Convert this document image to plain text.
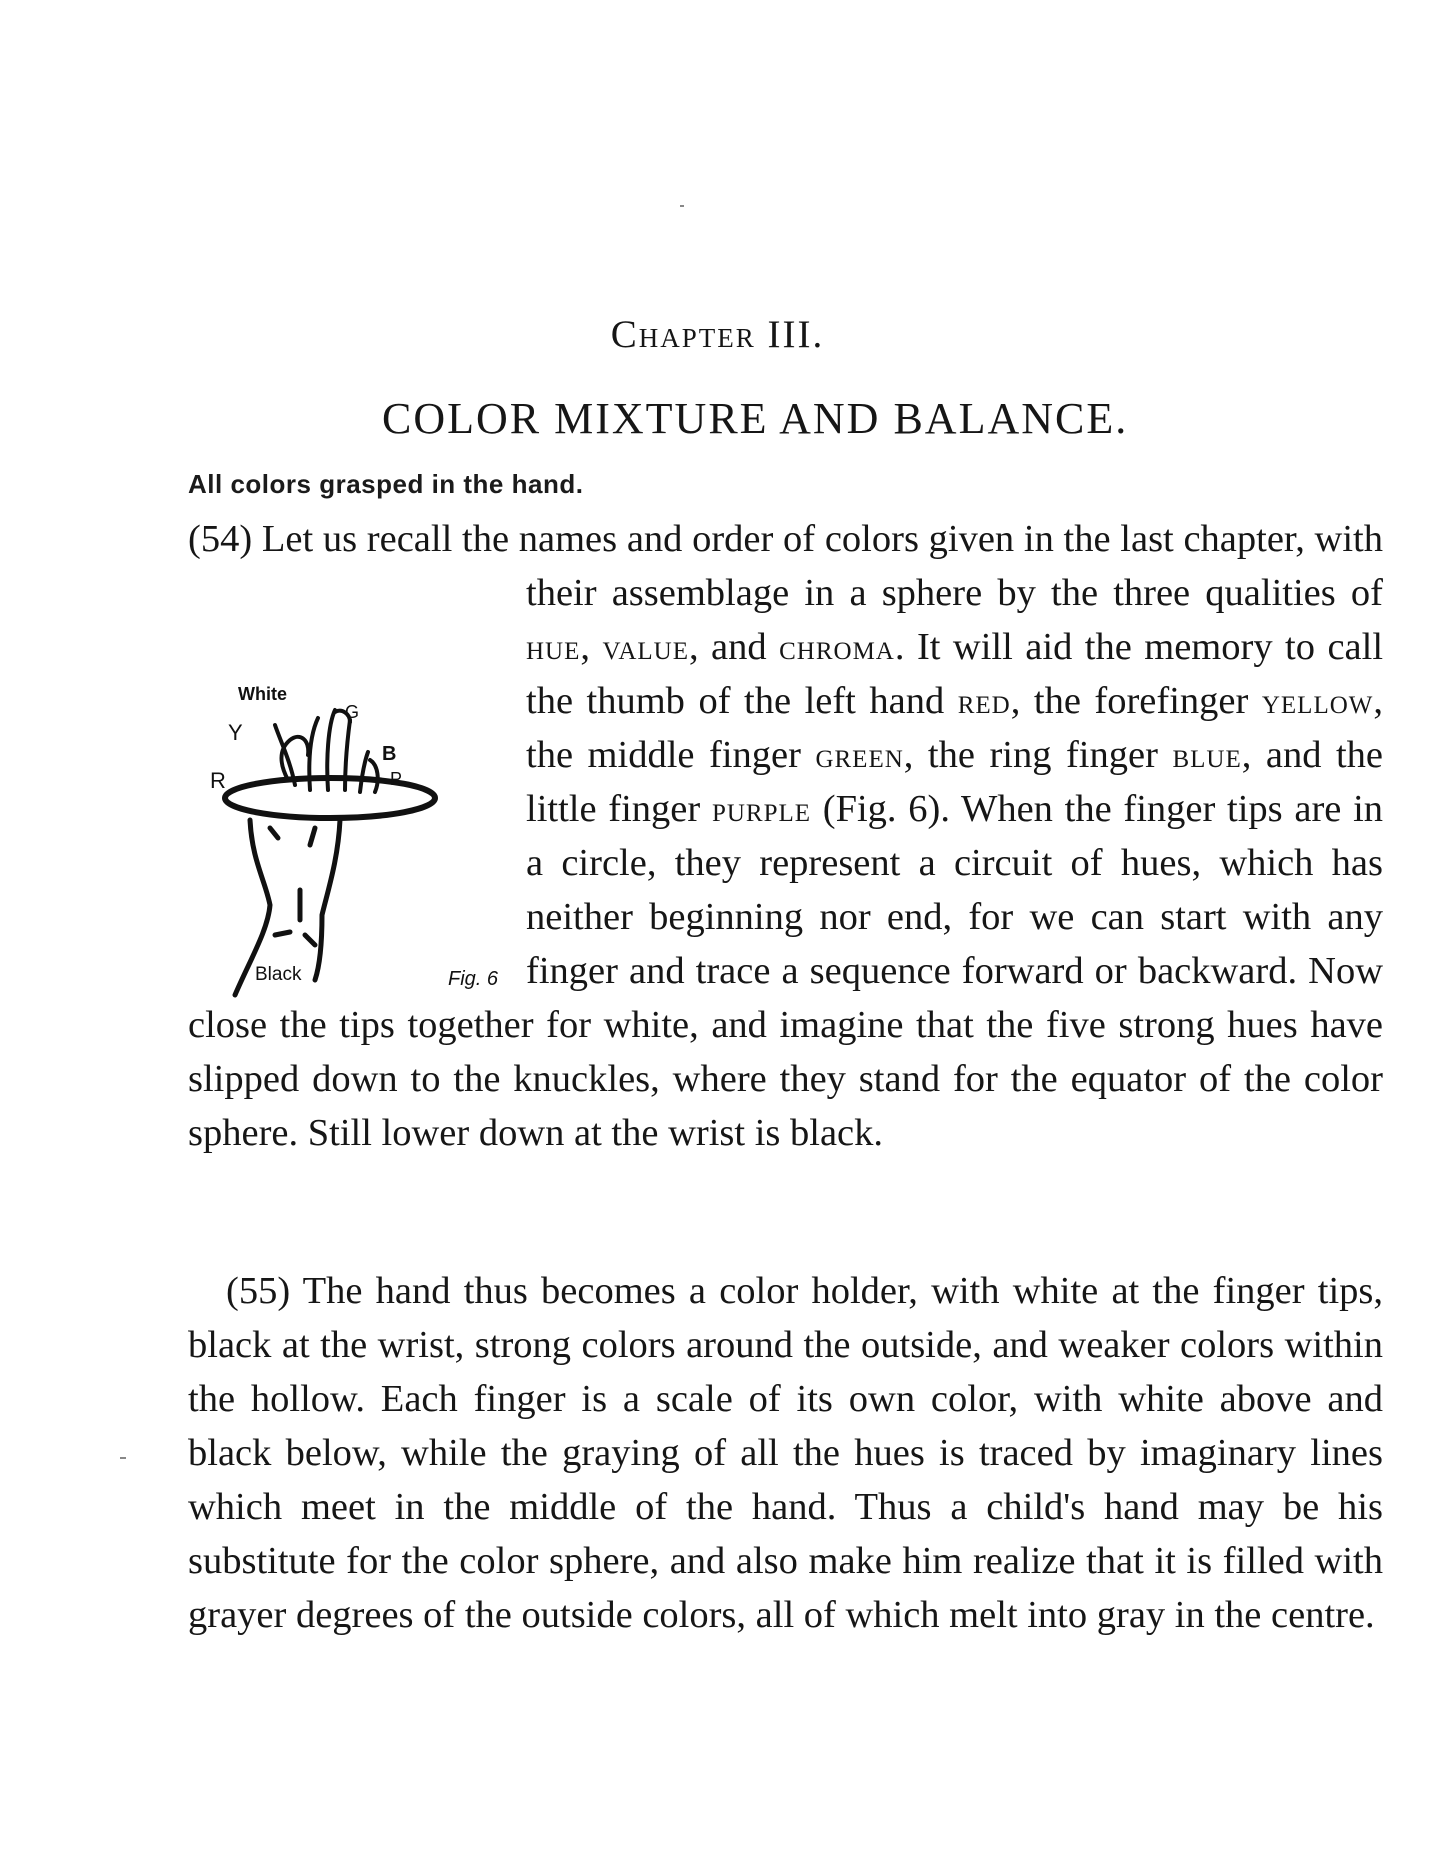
Chapter III.
COLOR MIXTURE AND BALANCE.
All colors grasped in the hand.

(54) Let us recall the names and order of colors given in the last chapter, with their assemblage in a sphere by the three qualities of
hue, value, and chroma. It will aid the memory to call the thumb of the left hand red, the forefinger yellow, the middle finger green, the ring finger blue, and the little finger purple (Fig. 6). When the finger tips are in a circle, they represent a circuit of hues, which has neither beginning nor end, for we can start with any finger and trace a sequence forward or backward. Now close the tips together for white, and imagine that the five strong hues have slipped down to the knuckles, where they stand for the equator of the color sphere. Still lower down at the wrist is black.

(55) The hand thus becomes a color holder, with white at the finger tips, black at the wrist, strong colors around the outside, and weaker colors within the hollow. Each finger is a scale of its own color, with white above and black below, while the graying of all the hues is traced by imaginary lines which meet in the middle of the hand. Thus a child's hand may be his substitute for the color sphere, and also make him realize that it is filled with grayer degrees of the outside colors, all of which melt into gray in the centre.

White
Y
G
B
R	P
Black	Fig. 6
